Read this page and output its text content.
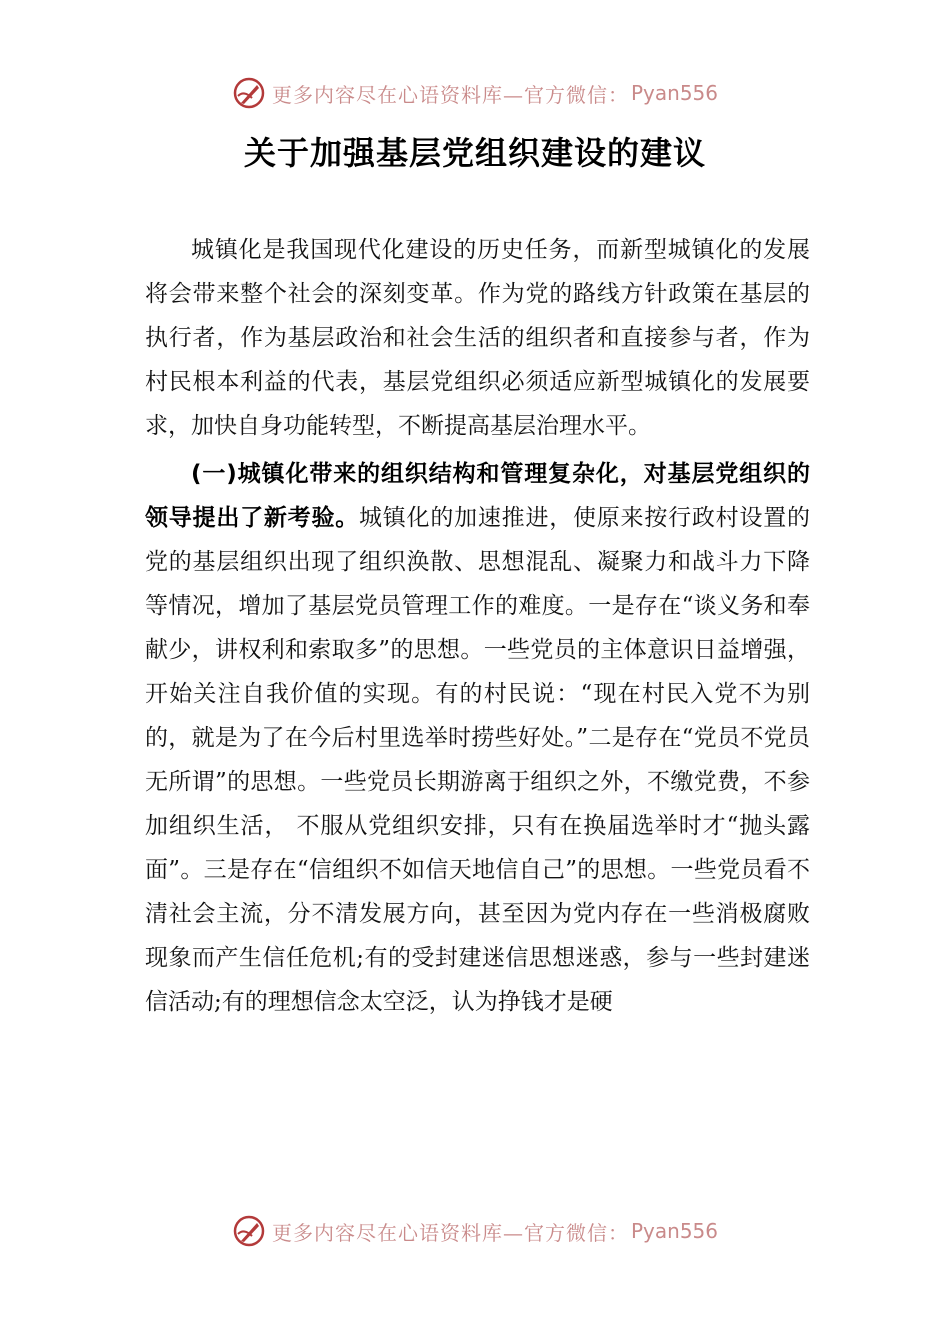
更多内容尽在心语资料库—官方微信： Pyan556
关于加强基层党组织建设的建议

城镇化是我国现代化建设的历史任务，而新型城镇化的发展将会带来整个社会的深刻变革。作为党的路线方针政策在基层的执行者，作为基层政治和社会生活的组织者和直接参与者，作为村民根本利益的代表，基层党组织必须适应新型城镇化的发展要求，加快自身功能转型，不断提高基层治理水平。

(一)城镇化带来的组织结构和管理复杂化，对基层党组织的领导提出了新考验。城镇化的加速推进，使原来按行政村设置的党的基层组织出现了组织涣散、思想混乱、凝聚力和战斗力下降等情况，增加了基层党员管理工作的难度。一是存在“谈义务和奉献少，讲权利和索取多”的思想。一些党员的主体意识日益增强，开始关注自我价值的实现。有的村民说：“现在村民入党不为别的，就是为了在今后村里选举时捞些好处。”二是存在“党员不党员无所谓”的思想。一些党员长期游离于组织之外，不缴党费，不参加组织生活， 不服从党组织安排，只有在换届选举时才“抛头露面”。三是存在“信组织不如信天地信自己”的思想。一些党员看不清社会主流，分不清发展方向，甚至因为党内存在一些消极腐败现象而产生信任危机;有的受封建迷信思想迷惑，参与一些封建迷信活动;有的理想信念太空泛，认为挣钱才是硬

更多内容尽在心语资料库—官方微信： Pyan556
